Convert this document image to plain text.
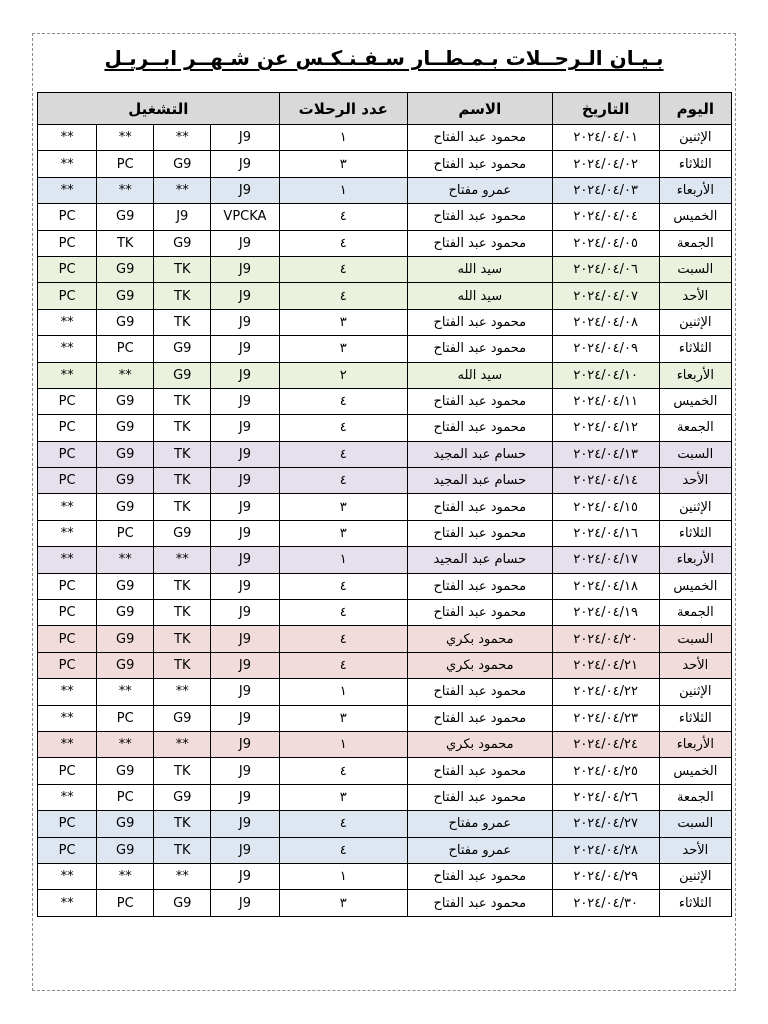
بـيـان الـرحــلات بـمـطــار سـفـنـكـس عن شـهــر ابــريـل
اليوم	التاريخ	الاسم	عدد الرحلات	التشغيل			
الإثنين	٢٠٢٤/٠٤/٠١	محمود عبد الفتاح	١	J9	**	**	**
الثلاثاء	٢٠٢٤/٠٤/٠٢	محمود عبد الفتاح	٣	J9	G9	PC	**
الأربعاء	٢٠٢٤/٠٤/٠٣	عمرو مفتاح	١	J9	**	**	**
الخميس	٢٠٢٤/٠٤/٠٤	محمود عبد الفتاح	٤	VPCKA	J9	G9	PC
الجمعة	٢٠٢٤/٠٤/٠٥	محمود عبد الفتاح	٤	J9	G9	TK	PC
السبت	٢٠٢٤/٠٤/٠٦	سيد الله	٤	J9	TK	G9	PC
الأحد	٢٠٢٤/٠٤/٠٧	سيد الله	٤	J9	TK	G9	PC
الإثنين	٢٠٢٤/٠٤/٠٨	محمود عبد الفتاح	٣	J9	TK	G9	**
الثلاثاء	٢٠٢٤/٠٤/٠٩	محمود عبد الفتاح	٣	J9	G9	PC	**
الأربعاء	٢٠٢٤/٠٤/١٠	سيد الله	٢	J9	G9	**	**
الخميس	٢٠٢٤/٠٤/١١	محمود عبد الفتاح	٤	J9	TK	G9	PC
الجمعة	٢٠٢٤/٠٤/١٢	محمود عبد الفتاح	٤	J9	TK	G9	PC
السبت	٢٠٢٤/٠٤/١٣	حسام عبد المجيد	٤	J9	TK	G9	PC
الأحد	٢٠٢٤/٠٤/١٤	حسام عبد المجيد	٤	J9	TK	G9	PC
الإثنين	٢٠٢٤/٠٤/١٥	محمود عبد الفتاح	٣	J9	TK	G9	**
الثلاثاء	٢٠٢٤/٠٤/١٦	محمود عبد الفتاح	٣	J9	G9	PC	**
الأربعاء	٢٠٢٤/٠٤/١٧	حسام عبد المجيد	١	J9	**	**	**
الخميس	٢٠٢٤/٠٤/١٨	محمود عبد الفتاح	٤	J9	TK	G9	PC
الجمعة	٢٠٢٤/٠٤/١٩	محمود عبد الفتاح	٤	J9	TK	G9	PC
السبت	٢٠٢٤/٠٤/٢٠	محمود بكري	٤	J9	TK	G9	PC
الأحد	٢٠٢٤/٠٤/٢١	محمود بكري	٤	J9	TK	G9	PC
الإثنين	٢٠٢٤/٠٤/٢٢	محمود عبد الفتاح	١	J9	**	**	**
الثلاثاء	٢٠٢٤/٠٤/٢٣	محمود عبد الفتاح	٣	J9	G9	PC	**
الأربعاء	٢٠٢٤/٠٤/٢٤	محمود بكري	١	J9	**	**	**
الخميس	٢٠٢٤/٠٤/٢٥	محمود عبد الفتاح	٤	J9	TK	G9	PC
الجمعة	٢٠٢٤/٠٤/٢٦	محمود عبد الفتاح	٣	J9	G9	PC	**
السبت	٢٠٢٤/٠٤/٢٧	عمرو مفتاح	٤	J9	TK	G9	PC
الأحد	٢٠٢٤/٠٤/٢٨	عمرو مفتاح	٤	J9	TK	G9	PC
الإثنين	٢٠٢٤/٠٤/٢٩	محمود عبد الفتاح	١	J9	**	**	**
الثلاثاء	٢٠٢٤/٠٤/٣٠	محمود عبد الفتاح	٣	J9	G9	PC	**
